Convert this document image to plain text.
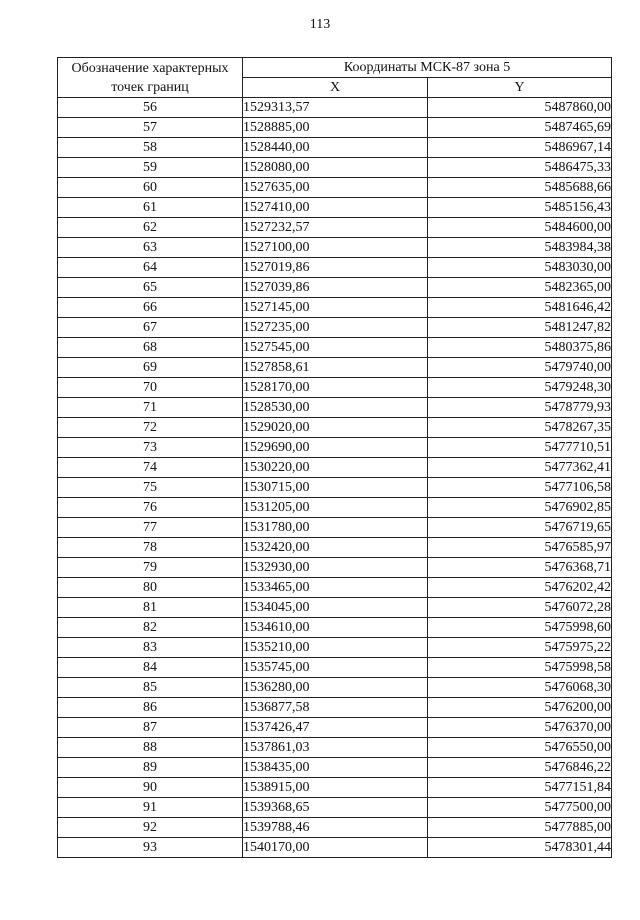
113
Обозначение характерных точек границ	Координаты МСК-87 зона 5	
	X	Y
56	1529313,57	5487860,00
57	1528885,00	5487465,69
58	1528440,00	5486967,14
59	1528080,00	5486475,33
60	1527635,00	5485688,66
61	1527410,00	5485156,43
62	1527232,57	5484600,00
63	1527100,00	5483984,38
64	1527019,86	5483030,00
65	1527039,86	5482365,00
66	1527145,00	5481646,42
67	1527235,00	5481247,82
68	1527545,00	5480375,86
69	1527858,61	5479740,00
70	1528170,00	5479248,30
71	1528530,00	5478779,93
72	1529020,00	5478267,35
73	1529690,00	5477710,51
74	1530220,00	5477362,41
75	1530715,00	5477106,58
76	1531205,00	5476902,85
77	1531780,00	5476719,65
78	1532420,00	5476585,97
79	1532930,00	5476368,71
80	1533465,00	5476202,42
81	1534045,00	5476072,28
82	1534610,00	5475998,60
83	1535210,00	5475975,22
84	1535745,00	5475998,58
85	1536280,00	5476068,30
86	1536877,58	5476200,00
87	1537426,47	5476370,00
88	1537861,03	5476550,00
89	1538435,00	5476846,22
90	1538915,00	5477151,84
91	1539368,65	5477500,00
92	1539788,46	5477885,00
93	1540170,00	5478301,44
